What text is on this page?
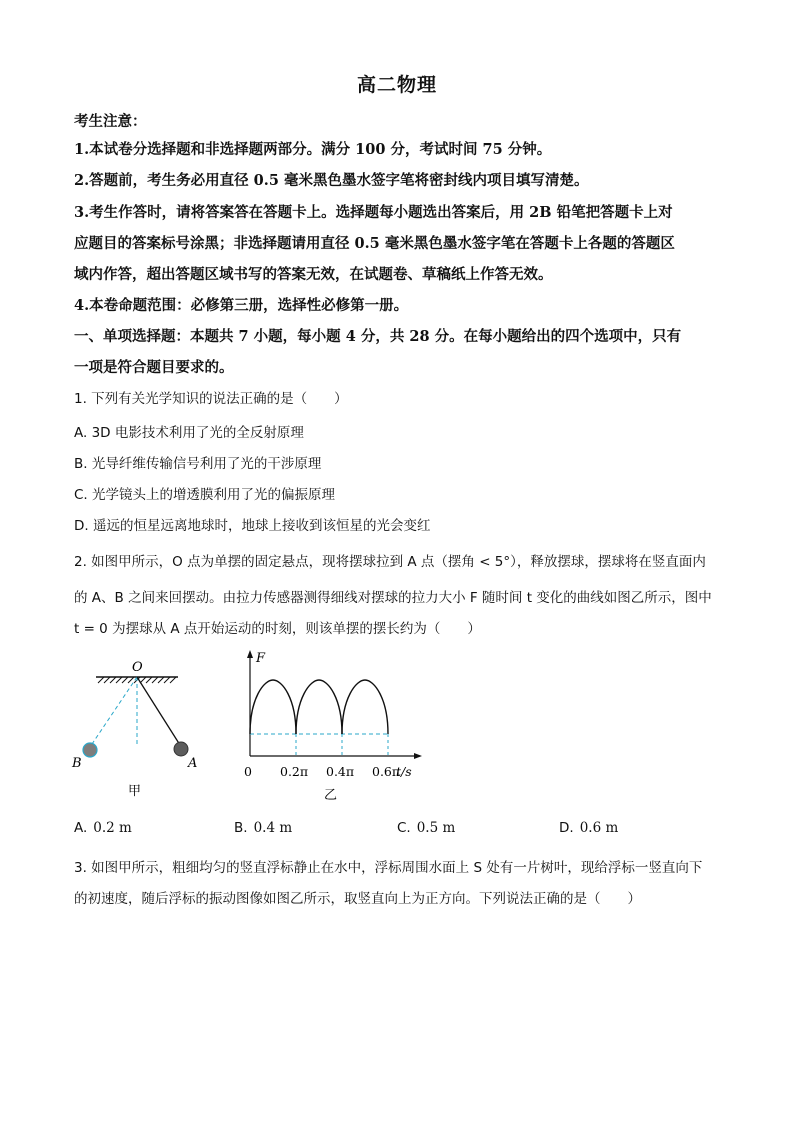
高二物理
考生注意：
1.本试卷分选择题和非选择题两部分。满分 100 分，考试时间 75 分钟。
2.答题前，考生务必用直径 0.5 毫米黑色墨水签字笔将密封线内项目填写清楚。
3.考生作答时，请将答案答在答题卡上。选择题每小题选出答案后，用 2B 铅笔把答题卡上对
应题目的答案标号涂黑；非选择题请用直径 0.5 毫米黑色墨水签字笔在答题卡上各题的答题区
域内作答，超出答题区域书写的答案无效，在试题卷、草稿纸上作答无效。
4.本卷命题范围：必修第三册，选择性必修第一册。
一、单项选择题：本题共 7 小题，每小题 4 分，共 28 分。在每小题给出的四个选项中，只有
一项是符合题目要求的。
1. 下列有关光学知识的说法正确的是（　　）
A. 3D 电影技术利用了光的全反射原理
B. 光导纤维传输信号利用了光的干涉原理
C. 光学镜头上的增透膜利用了光的偏振原理
D. 遥远的恒星远离地球时，地球上接收到该恒星的光会变红
2. 如图甲所示，O 点为单摆的固定悬点，现将摆球拉到 A 点（摆角 < 5°），释放摆球，摆球将在竖直面内
的 A、B 之间来回摆动。由拉力传感器测得细线对摆球的拉力大小 F 随时间 t 变化的曲线如图乙所示，图中
t = 0 为摆球从 A 点开始运动的时刻，则该单摆的摆长约为（　　）
O
B	A
甲
F
0 0.2π 0.4π 0.6π
t/s
乙
A. 0.2 m	B. 0.4 m	C. 0.5 m	D. 0.6 m
3. 如图甲所示，粗细均匀的竖直浮标静止在水中，浮标周围水面上 S 处有一片树叶，现给浮标一竖直向下
的初速度，随后浮标的振动图像如图乙所示，取竖直向上为正方向。下列说法正确的是（　　）
